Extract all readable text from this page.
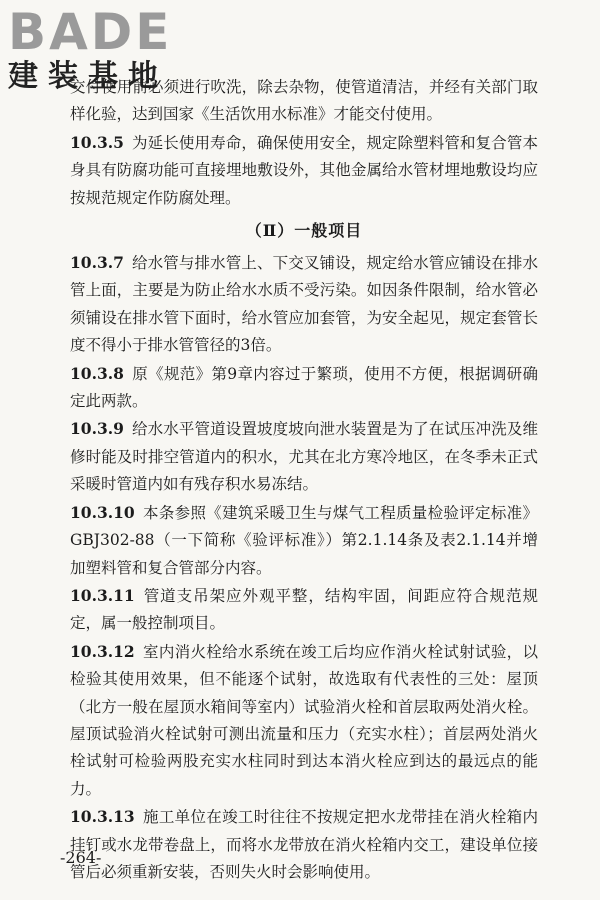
BADE
建装基地

交付使用前必须进行吹洗，除去杂物，使管道清洁，并经有关部门取样化验，达到国家《生活饮用水标准》才能交付使用。

10.3.5 为延长使用寿命，确保使用安全，规定除塑料管和复合管本身具有防腐功能可直接埋地敷设外，其他金属给水管材埋地敷设均应按规范规定作防腐处理。

（Ⅱ）一般项目

10.3.7 给水管与排水管上、下交叉铺设，规定给水管应铺设在排水管上面，主要是为防止给水水质不受污染。如因条件限制，给水管必须铺设在排水管下面时，给水管应加套管，为安全起见，规定套管长度不得小于排水管管径的3倍。

10.3.8 原《规范》第9章内容过于繁琐，使用不方便，根据调研确定此两款。

10.3.9 给水水平管道设置坡度坡向泄水装置是为了在试压冲洗及维修时能及时排空管道内的积水，尤其在北方寒冷地区，在冬季未正式采暖时管道内如有残存积水易冻结。

10.3.10 本条参照《建筑采暖卫生与煤气工程质量检验评定标准》GBJ302-88（一下简称《验评标准》）第2.1.14条及表2.1.14并增加塑料管和复合管部分内容。

10.3.11 管道支吊架应外观平整，结构牢固，间距应符合规范规定，属一般控制项目。

10.3.12 室内消火栓给水系统在竣工后均应作消火栓试射试验，以检验其使用效果，但不能逐个试射，故选取有代表性的三处：屋顶（北方一般在屋顶水箱间等室内）试验消火栓和首层取两处消火栓。屋顶试验消火栓试射可测出流量和压力（充实水柱）；首层两处消火栓试射可检验两股充实水柱同时到达本消火栓应到达的最远点的能力。

10.3.13 施工单位在竣工时往往不按规定把水龙带挂在消火栓箱内挂钉或水龙带卷盘上，而将水龙带放在消火栓箱内交工，建设单位接管后必须重新安装，否则失火时会影响使用。

-264-
